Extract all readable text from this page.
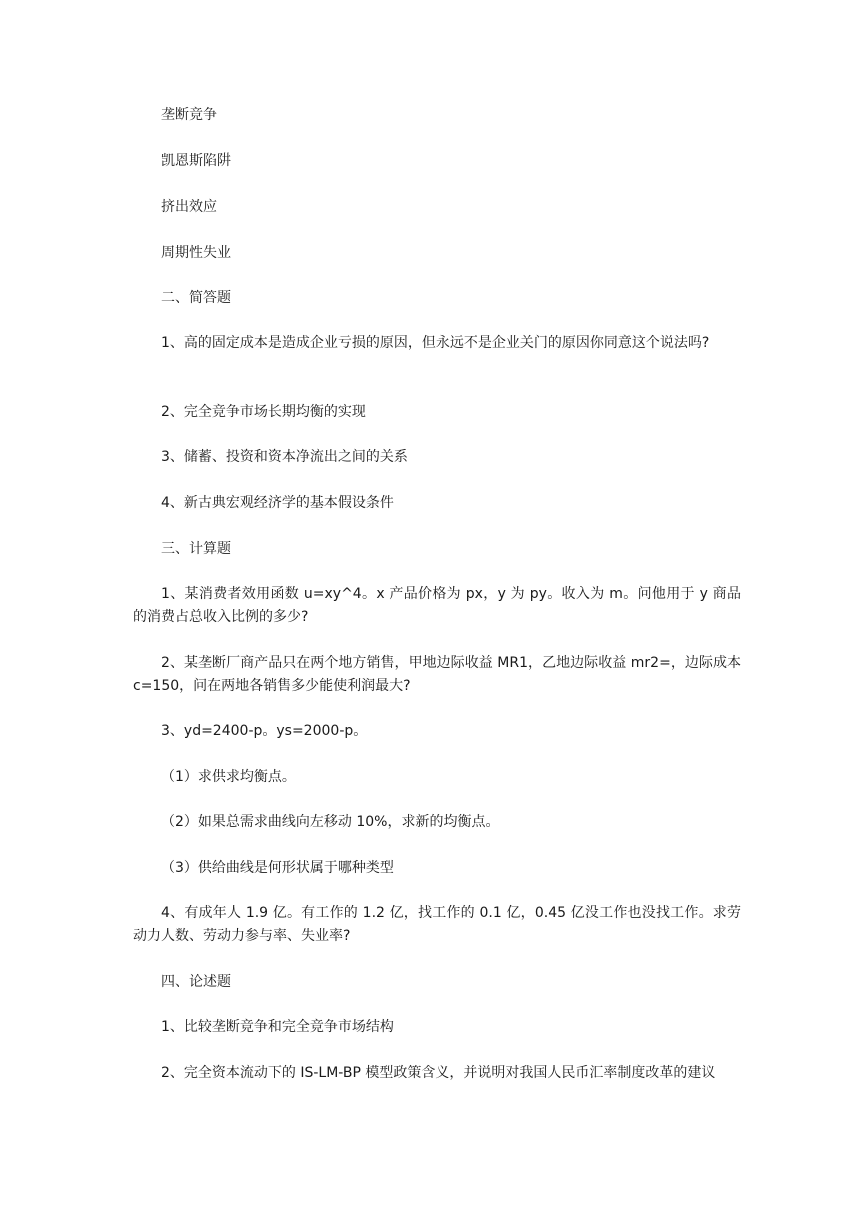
垄断竞争

凯恩斯陷阱

挤出效应

周期性失业

二、简答题

1、高的固定成本是造成企业亏损的原因，但永远不是企业关门的原因你同意这个说法吗?

2、完全竞争市场长期均衡的实现

3、储蓄、投资和资本净流出之间的关系

4、新古典宏观经济学的基本假设条件

三、计算题

1、某消费者效用函数 u=xy^4。x 产品价格为 px，y 为 py。收入为 m。问他用于 y 商品的消费占总收入比例的多少?

2、某垄断厂商产品只在两个地方销售，甲地边际收益 MR1，乙地边际收益 mr2=，边际成本 c=150，问在两地各销售多少能使利润最大?

3、yd=2400-p。ys=2000-p。

（1）求供求均衡点。

（2）如果总需求曲线向左移动 10%，求新的均衡点。

（3）供给曲线是何形状属于哪种类型

4、有成年人 1.9 亿。有工作的 1.2 亿，找工作的 0.1 亿，0.45 亿没工作也没找工作。求劳动力人数、劳动力参与率、失业率?

四、论述题

1、比较垄断竞争和完全竞争市场结构

2、完全资本流动下的 IS-LM-BP 模型政策含义，并说明对我国人民币汇率制度改革的建议
